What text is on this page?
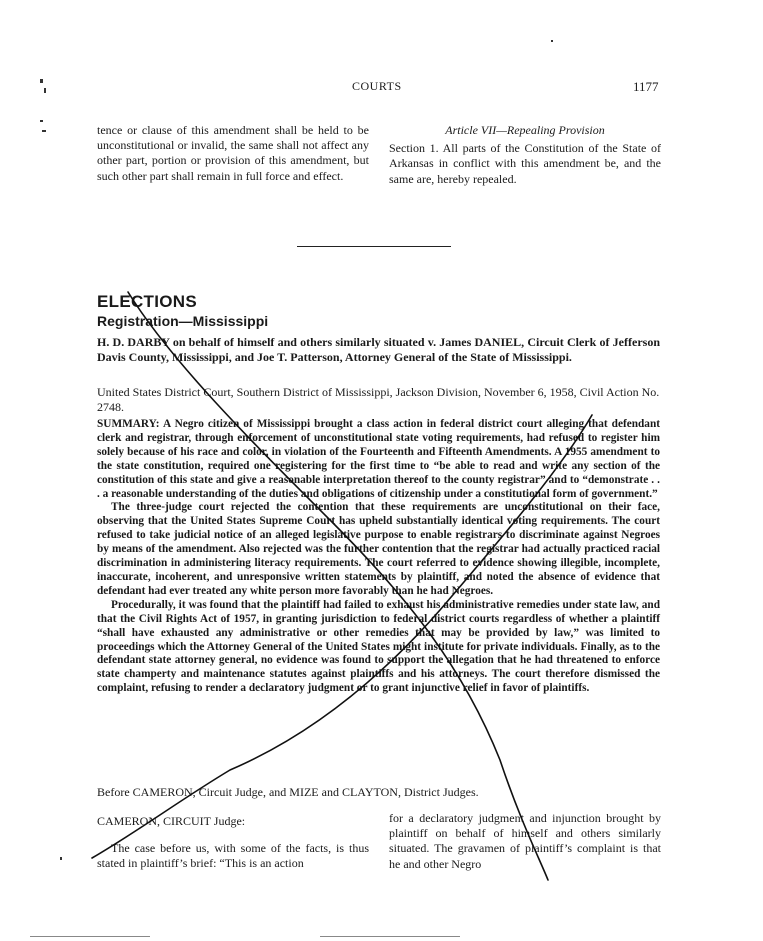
COURTS	1177
tence or clause of this amendment shall be held to be unconstitutional or invalid, the same shall not affect any other part, portion or provision of this amendment, but such other part shall remain in full force and effect.
Article VII—Repealing Provision
Section 1. All parts of the Constitution of the State of Arkansas in conflict with this amendment be, and the same are, hereby repealed.
ELECTIONS
Registration—Mississippi
H. D. DARBY on behalf of himself and others similarly situated v. James DANIEL, Circuit Clerk of Jefferson Davis County, Mississippi, and Joe T. Patterson, Attorney General of the State of Mississippi.
United States District Court, Southern District of Mississippi, Jackson Division, November 6, 1958, Civil Action No. 2748.

SUMMARY: A Negro citizen of Mississippi brought a class action in federal district court alleging that defendant clerk and registrar, through enforcement of unconstitutional state voting requirements, had refused to register him solely because of his race and color, in violation of the Fourteenth and Fifteenth Amendments. A 1955 amendment to the state constitution, required one registering for the first time to “be able to read and write any section of the constitution of this state and give a reasonable interpretation thereof to the county registrar” and to “demonstrate . . . a reasonable understanding of the duties and obligations of citizenship under a constitutional form of government.”

The three-judge court rejected the contention that these requirements are unconstitutional on their face, observing that the United States Supreme Court has upheld substantially identical voting requirements. The court refused to take judicial notice of an alleged legislative purpose to enable registrars to discriminate against Negroes by means of the amendment. Also rejected was the further contention that the registrar had actually practiced racial discrimination in administering literacy requirements. The court referred to evidence showing illegible, incomplete, inaccurate, incoherent, and unresponsive written statements by plaintiff, and noted the absence of evidence that defendant had ever treated any white person more favorably than he had Negroes.

Procedurally, it was found that the plaintiff had failed to exhaust his administrative remedies under state law, and that the Civil Rights Act of 1957, in granting jurisdiction to federal district courts regardless of whether a plaintiff “shall have exhausted any administrative or other remedies that may be provided by law,” was limited to proceedings which the Attorney General of the United States might institute for private individuals. Finally, as to the defendant state attorney general, no evidence was found to support the allegation that he had threatened to enforce state champerty and maintenance statutes against plaintiffs and his attorneys. The court therefore dismissed the complaint, refusing to render a declaratory judgment or to grant injunctive relief in favor of plaintiffs.

Before CAMERON, Circuit Judge, and MIZE and CLAYTON, District Judges.
CAMERON, CIRCUIT Judge:
The case before us, with some of the facts, is thus stated in plaintiff’s brief: “This is an action
for a declaratory judgment and injunction brought by plaintiff on behalf of himself and others similarly situated. The gravamen of plaintiff’s complaint is that he and other Negro
